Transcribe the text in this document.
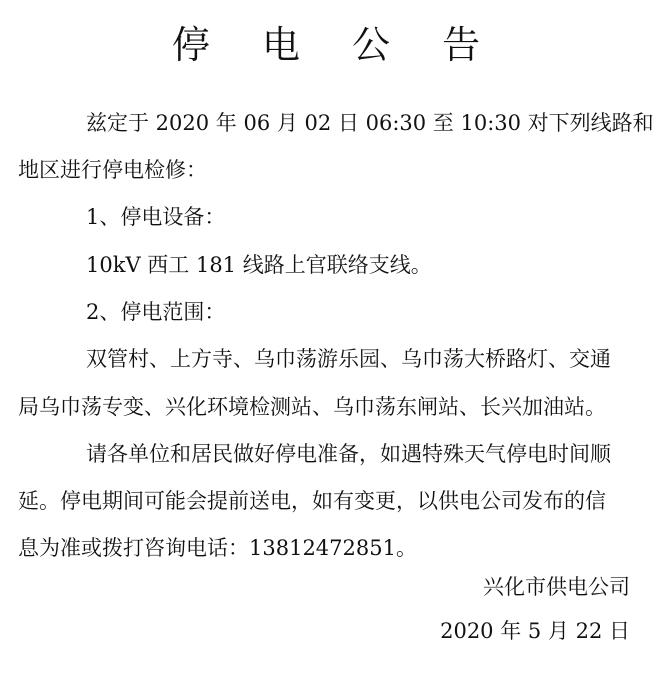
停 电 公 告

兹定于 2020 年 06 月 02 日 06:30 至 10:30 对下列线路和

地区进行停电检修：

1、停电设备：

10kV 西工 181 线路上官联络支线。

2、停电范围：

双管村、上方寺、乌巾荡游乐园、乌巾荡大桥路灯、交通

局乌巾荡专变、兴化环境检测站、乌巾荡东闸站、长兴加油站。

请各单位和居民做好停电准备，如遇特殊天气停电时间顺

延。停电期间可能会提前送电，如有变更，以供电公司发布的信

息为准或拨打咨询电话：13812472851。

兴化市供电公司

2020 年 5 月 22 日
